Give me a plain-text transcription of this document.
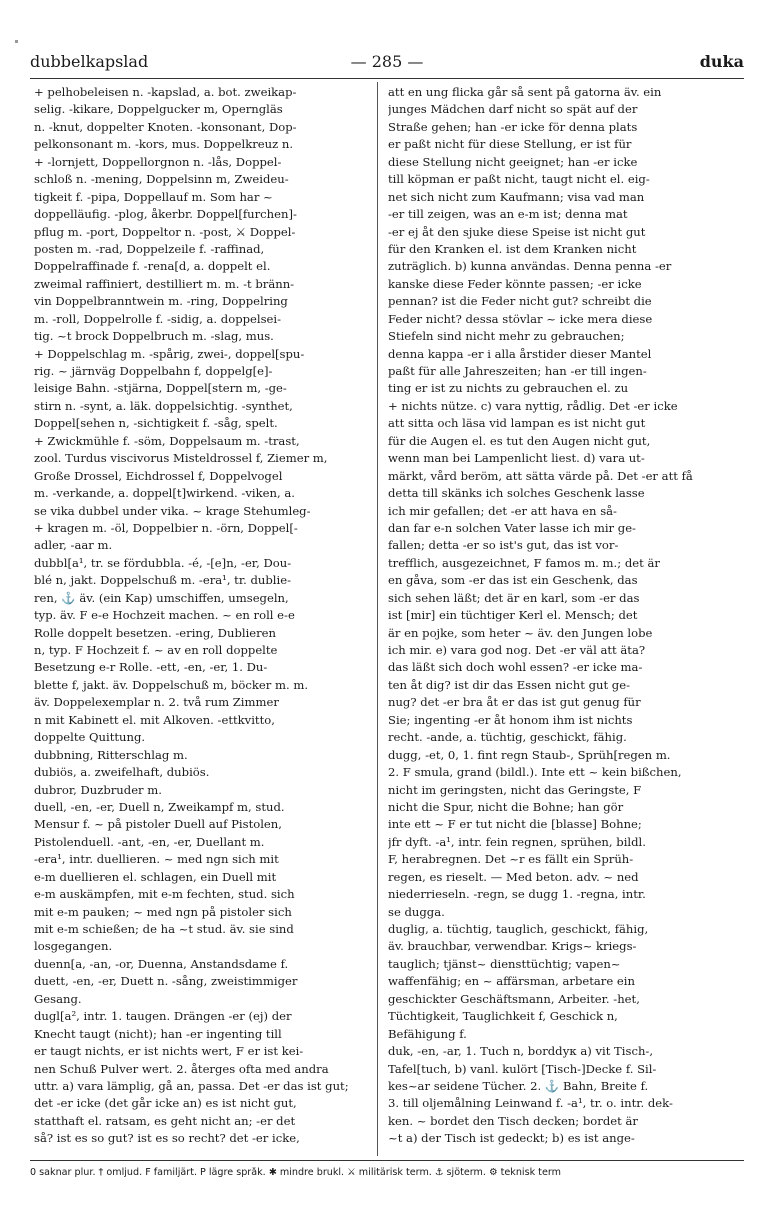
dubbelkapslad	— 285 —	duka
+ pelhobeleisen n. -kapslad, a. bot. zweikap-
selig. -kikare, Doppelgucker m, Operngläs
n. -knut, doppelter Knoten. -konsonant, Dop-
pelkonsonant m. -kors, mus. Doppelkreuz n.
+ -lornjett, Doppellorgnon n. -lås, Doppel-
schloß n. -mening, Doppelsinn m, Zweideu-
tigkeit f. -pipa, Doppellauf m. Som har ~
doppelläufig. -plog, åkerbr. Doppel[furchen]-
pflug m. -port, Doppeltor n. -post, ⚔ Doppel-
posten m. -rad, Doppelzeile f. -raffinad,
Doppelraffinade f. -rena[d, a. doppelt el.
zweimal raffiniert, destilliert m. m. -t bränn-
vin Doppelbranntwein m. -ring, Doppelring
m. -roll, Doppelrolle f. -sidig, a. doppelsei-
tig. ~t brock Doppelbruch m. -slag, mus.
+ Doppelschlag m. -spårig, zwei-, doppel[spu-
rig. ~ järnväg Doppelbahn f, doppelg[e]-
leisige Bahn. -stjärna, Doppel[stern m, -ge-
stirn n. -synt, a. läk. doppelsichtig. -synthet,
Doppel[sehen n, -sichtigkeit f. -såg, spelt.
+ Zwickmühle f. -söm, Doppelsaum m. -trast,
zool. Turdus viscivorus Misteldrossel f, Ziemer m,
Große Drossel, Eichdrossel f, Doppelvogel
m. -verkande, a. doppel[t]wirkend. -viken, a.
se vika dubbel under vika. ~ krage Stehumleg-
+ kragen m. -öl, Doppelbier n. -örn, Doppel[-
adler, -aar m.
dubbl[a¹, tr. se fördubbla. -é, -[e]n, -er, Dou-
blé n, jakt. Doppelschuß m. -era¹, tr. dublie-
ren, ⚓ äv. (ein Kap) umschiffen, umsegeln,
typ. äv. F e-e Hochzeit machen. ~ en roll e-e
Rolle doppelt besetzen. -ering, Dublieren
n, typ. F Hochzeit f. ~ av en roll doppelte
Besetzung e-r Rolle. -ett, -en, -er, 1. Du-
blette f, jakt. äv. Doppelschuß m, böcker m. m.
äv. Doppelexemplar n. 2. två rum Zimmer
n mit Kabinett el. mit Alkoven. -ettkvitto,
doppelte Quittung.
dubbning, Ritterschlag m.
dubiös, a. zweifelhaft, dubiös.
dubror, Duzbruder m.
duell, -en, -er, Duell n, Zweikampf m, stud.
Mensur f. ~ på pistoler Duell auf Pistolen,
Pistolenduell. -ant, -en, -er, Duellant m.
-era¹, intr. duellieren. ~ med ngn sich mit
e-m duellieren el. schlagen, ein Duell mit
e-m auskämpfen, mit e-m fechten, stud. sich
mit e-m pauken; ~ med ngn på pistoler sich
mit e-m schießen; de ha ~t stud. äv. sie sind
losgegangen.
duenn[a, -an, -or, Duenna, Anstandsdame f.
duett, -en, -er, Duett n. -sång, zweistimmiger
Gesang.
dugl[a², intr. 1. taugen. Drängen -er (ej) der
Knecht taugt (nicht); han -er ingenting till
er taugt nichts, er ist nichts wert, F er ist kei-
nen Schuß Pulver wert. 2. återges ofta med andra
uttr. a) vara lämplig, gå an, passa. Det -er das ist gut;
det -er icke (det går icke an) es ist nicht gut,
statthaft el. ratsam, es geht nicht an; -er det
så? ist es so gut? ist es so recht? det -er icke,
att en ung flicka går så sent på gatorna äv. ein
junges Mädchen darf nicht so spät auf der
Straße gehen; han -er icke för denna plats
er paßt nicht für diese Stellung, er ist für
diese Stellung nicht geeignet; han -er icke
till köpman er paßt nicht, taugt nicht el. eig-
net sich nicht zum Kaufmann; visa vad man
-er till zeigen, was an e-m ist; denna mat
-er ej åt den sjuke diese Speise ist nicht gut
für den Kranken el. ist dem Kranken nicht
zuträglich. b) kunna användas. Denna penna -er
kanske diese Feder könnte passen; -er icke
pennan? ist die Feder nicht gut? schreibt die
Feder nicht? dessa stövlar ~ icke mera diese
Stiefeln sind nicht mehr zu gebrauchen;
denna kappa -er i alla årstider dieser Mantel
paßt für alle Jahreszeiten; han -er till ingen-
ting er ist zu nichts zu gebrauchen el. zu
+ nichts nütze. c) vara nyttig, rådlig. Det -er icke
att sitta och läsa vid lampan es ist nicht gut
für die Augen el. es tut den Augen nicht gut,
wenn man bei Lampenlicht liest. d) vara ut-
märkt, vård beröm, att sätta värde på. Det -er att få
detta till skänks ich solches Geschenk lasse
ich mir gefallen; det -er att hava en så-
dan far e-n solchen Vater lasse ich mir ge-
fallen; detta -er so ist's gut, das ist vor-
trefflich, ausgezeichnet, F famos m. m.; det är
en gåva, som -er das ist ein Geschenk, das
sich sehen läßt; det är en karl, som -er das
ist [mir] ein tüchtiger Kerl el. Mensch; det
är en pojke, som heter ~ äv. den Jungen lobe
ich mir. e) vara god nog. Det -er väl att äta?
das läßt sich doch wohl essen? -er icke ma-
ten åt dig? ist dir das Essen nicht gut ge-
nug? det -er bra åt er das ist gut genug für
Sie; ingenting -er åt honom ihm ist nichts
recht. -ande, a. tüchtig, geschickt, fähig.
dugg, -et, 0, 1. fint regn Staub-, Sprüh[regen m.
2. F smula, grand (bildl.). Inte ett ~ kein bißchen,
nicht im geringsten, nicht das Geringste, F
nicht die Spur, nicht die Bohne; han gör
inte ett ~ F er tut nicht die [blasse] Bohne;
jfr dyft. -a¹, intr. fein regnen, sprühen, bildl.
F, herabregnen. Det ~r es fällt ein Sprüh-
regen, es rieselt. — Med beton. adv. ~ ned
niederrieseln. -regn, se dugg 1. -regna, intr.
se dugga.
duglig, a. tüchtig, tauglich, geschickt, fähig,
äv. brauchbar, verwendbar. Krigs~ kriegs-
tauglich; tjänst~ diensttüchtig; vapen~
waffenfähig; en ~ affärsman, arbetare ein
geschickter Geschäftsmann, Arbeiter. -het,
Tüchtigkeit, Tauglichkeit f, Geschick n,
Befähigung f.
duk, -en, -ar, 1. Tuch n, borddук a) vit Tisch-,
Tafel[tuch, b) vanl. kulört [Tisch-]Decke f. Sil-
kes~ar seidene Tücher. 2. ⚓ Bahn, Breite f.
3. till oljemålning Leinwand f. -a¹, tr. o. intr. dek-
ken. ~ bordet den Tisch decken; bordet är
~t a) der Tisch ist gedeckt; b) es ist ange-
0 saknar plur. † omljud. F familjärt. P lägre språk. ✱ mindre brukl. ⚔ militärisk term. ⚓ sjöterm. ⚙ teknisk term
